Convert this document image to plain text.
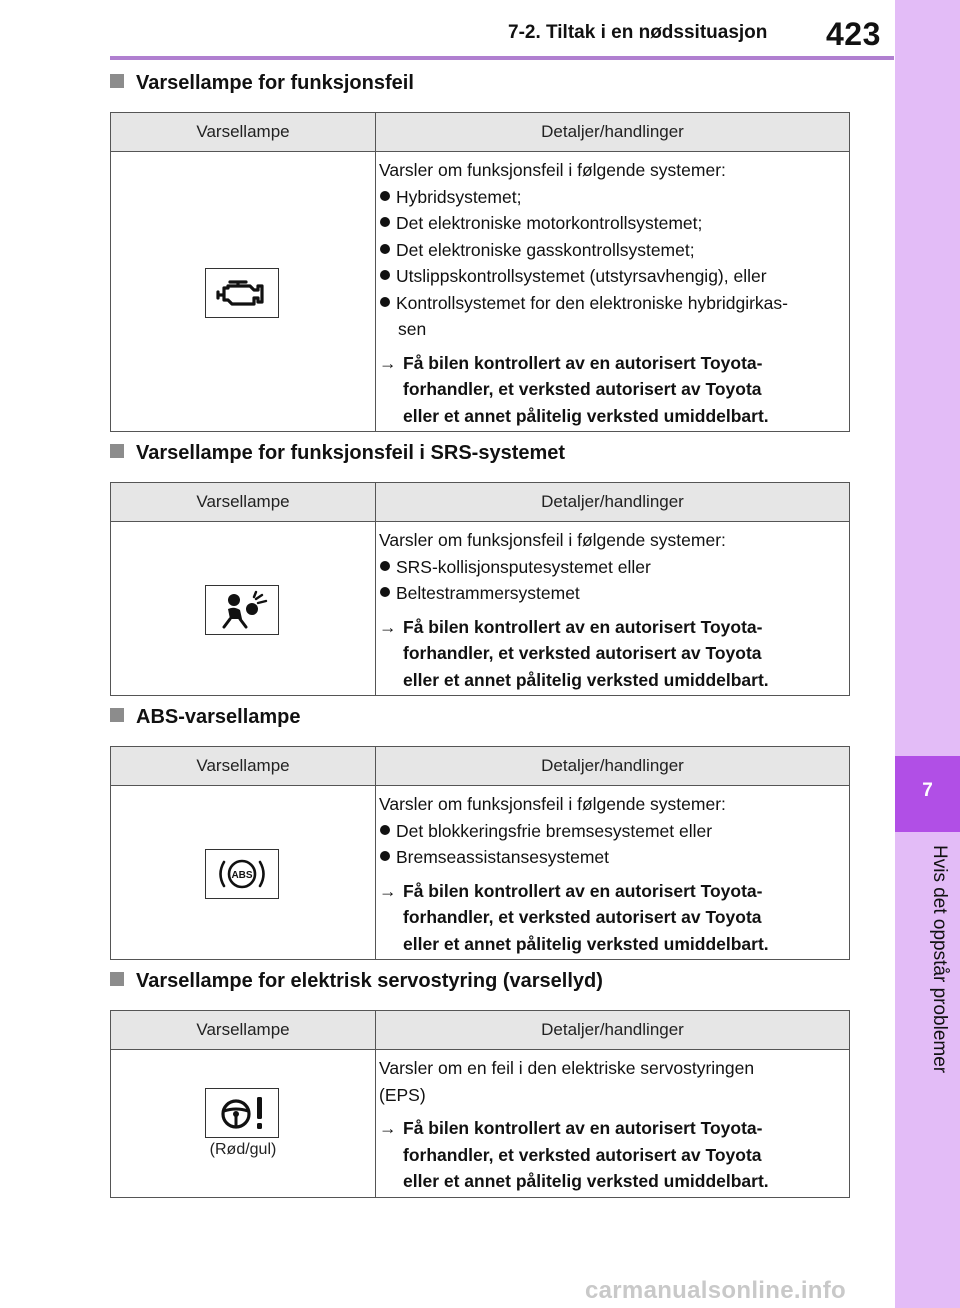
7-2. Tiltak i en nødssituasjon 423
7
Hvis det oppstår problemer
Varsellampe for funksjonsfeil
Varsellampe	Detaljer/handlinger
Varsler om funksjonsfeil i følgende systemer:
Hybridsystemet;
Det elektroniske motorkontrollsystemet;
Det elektroniske gasskontrollsystemet;
Utslippskontrollsystemet (utstyrsavhengig), eller
Kontrollsystemet for den elektroniske hybridgirkas-
sen
→ Få bilen kontrollert av en autorisert Toyota-
forhandler, et verksted autorisert av Toyota
eller et annet pålitelig verksted umiddelbart.
Varsellampe for funksjonsfeil i SRS-systemet
Varsellampe	Detaljer/handlinger
Varsler om funksjonsfeil i følgende systemer:
SRS-kollisjonsputesystemet eller
Beltestrammersystemet
→ Få bilen kontrollert av en autorisert Toyota-
forhandler, et verksted autorisert av Toyota
eller et annet pålitelig verksted umiddelbart.
ABS-varsellampe
Varsellampe	Detaljer/handlinger
ABS
Varsler om funksjonsfeil i følgende systemer:
Det blokkeringsfrie bremsesystemet eller
Bremseassistansesystemet
→ Få bilen kontrollert av en autorisert Toyota-
forhandler, et verksted autorisert av Toyota
eller et annet pålitelig verksted umiddelbart.
Varsellampe for elektrisk servostyring (varsellyd)
Varsellampe	Detaljer/handlinger
(Rød/gul)
Varsler om en feil i den elektriske servostyringen
(EPS)
→ Få bilen kontrollert av en autorisert Toyota-
forhandler, et verksted autorisert av Toyota
eller et annet pålitelig verksted umiddelbart.
carmanualsonline.info
